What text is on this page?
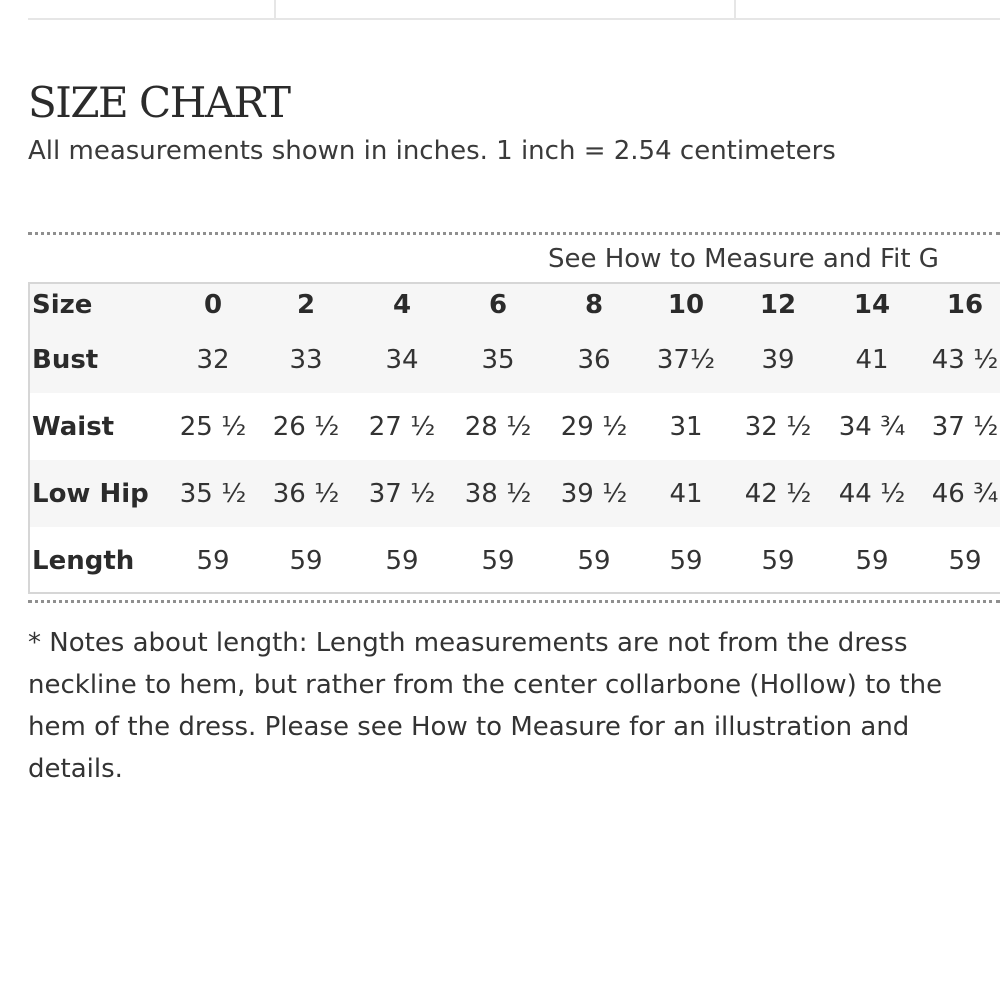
SIZE CHART
All measurements shown in inches. 1 inch = 2.54 centimeters
See How to Measure and Fit G
Size	0	2	4	6	8	10	12	14	16
Bust	32	33	34	35	36	37½	39	41	43 ½
Waist	25 ½	26 ½	27 ½	28 ½	29 ½	31	32 ½	34 ¾	37 ½
Low Hip	35 ½	36 ½	37 ½	38 ½	39 ½	41	42 ½	44 ½	46 ¾
Length	59	59	59	59	59	59	59	59	59
* Notes about length: Length measurements are not from the dress neckline to hem, but rather from the center collarbone (Hollow) to the hem of the dress. Please see How to Measure for an illustration and details.
